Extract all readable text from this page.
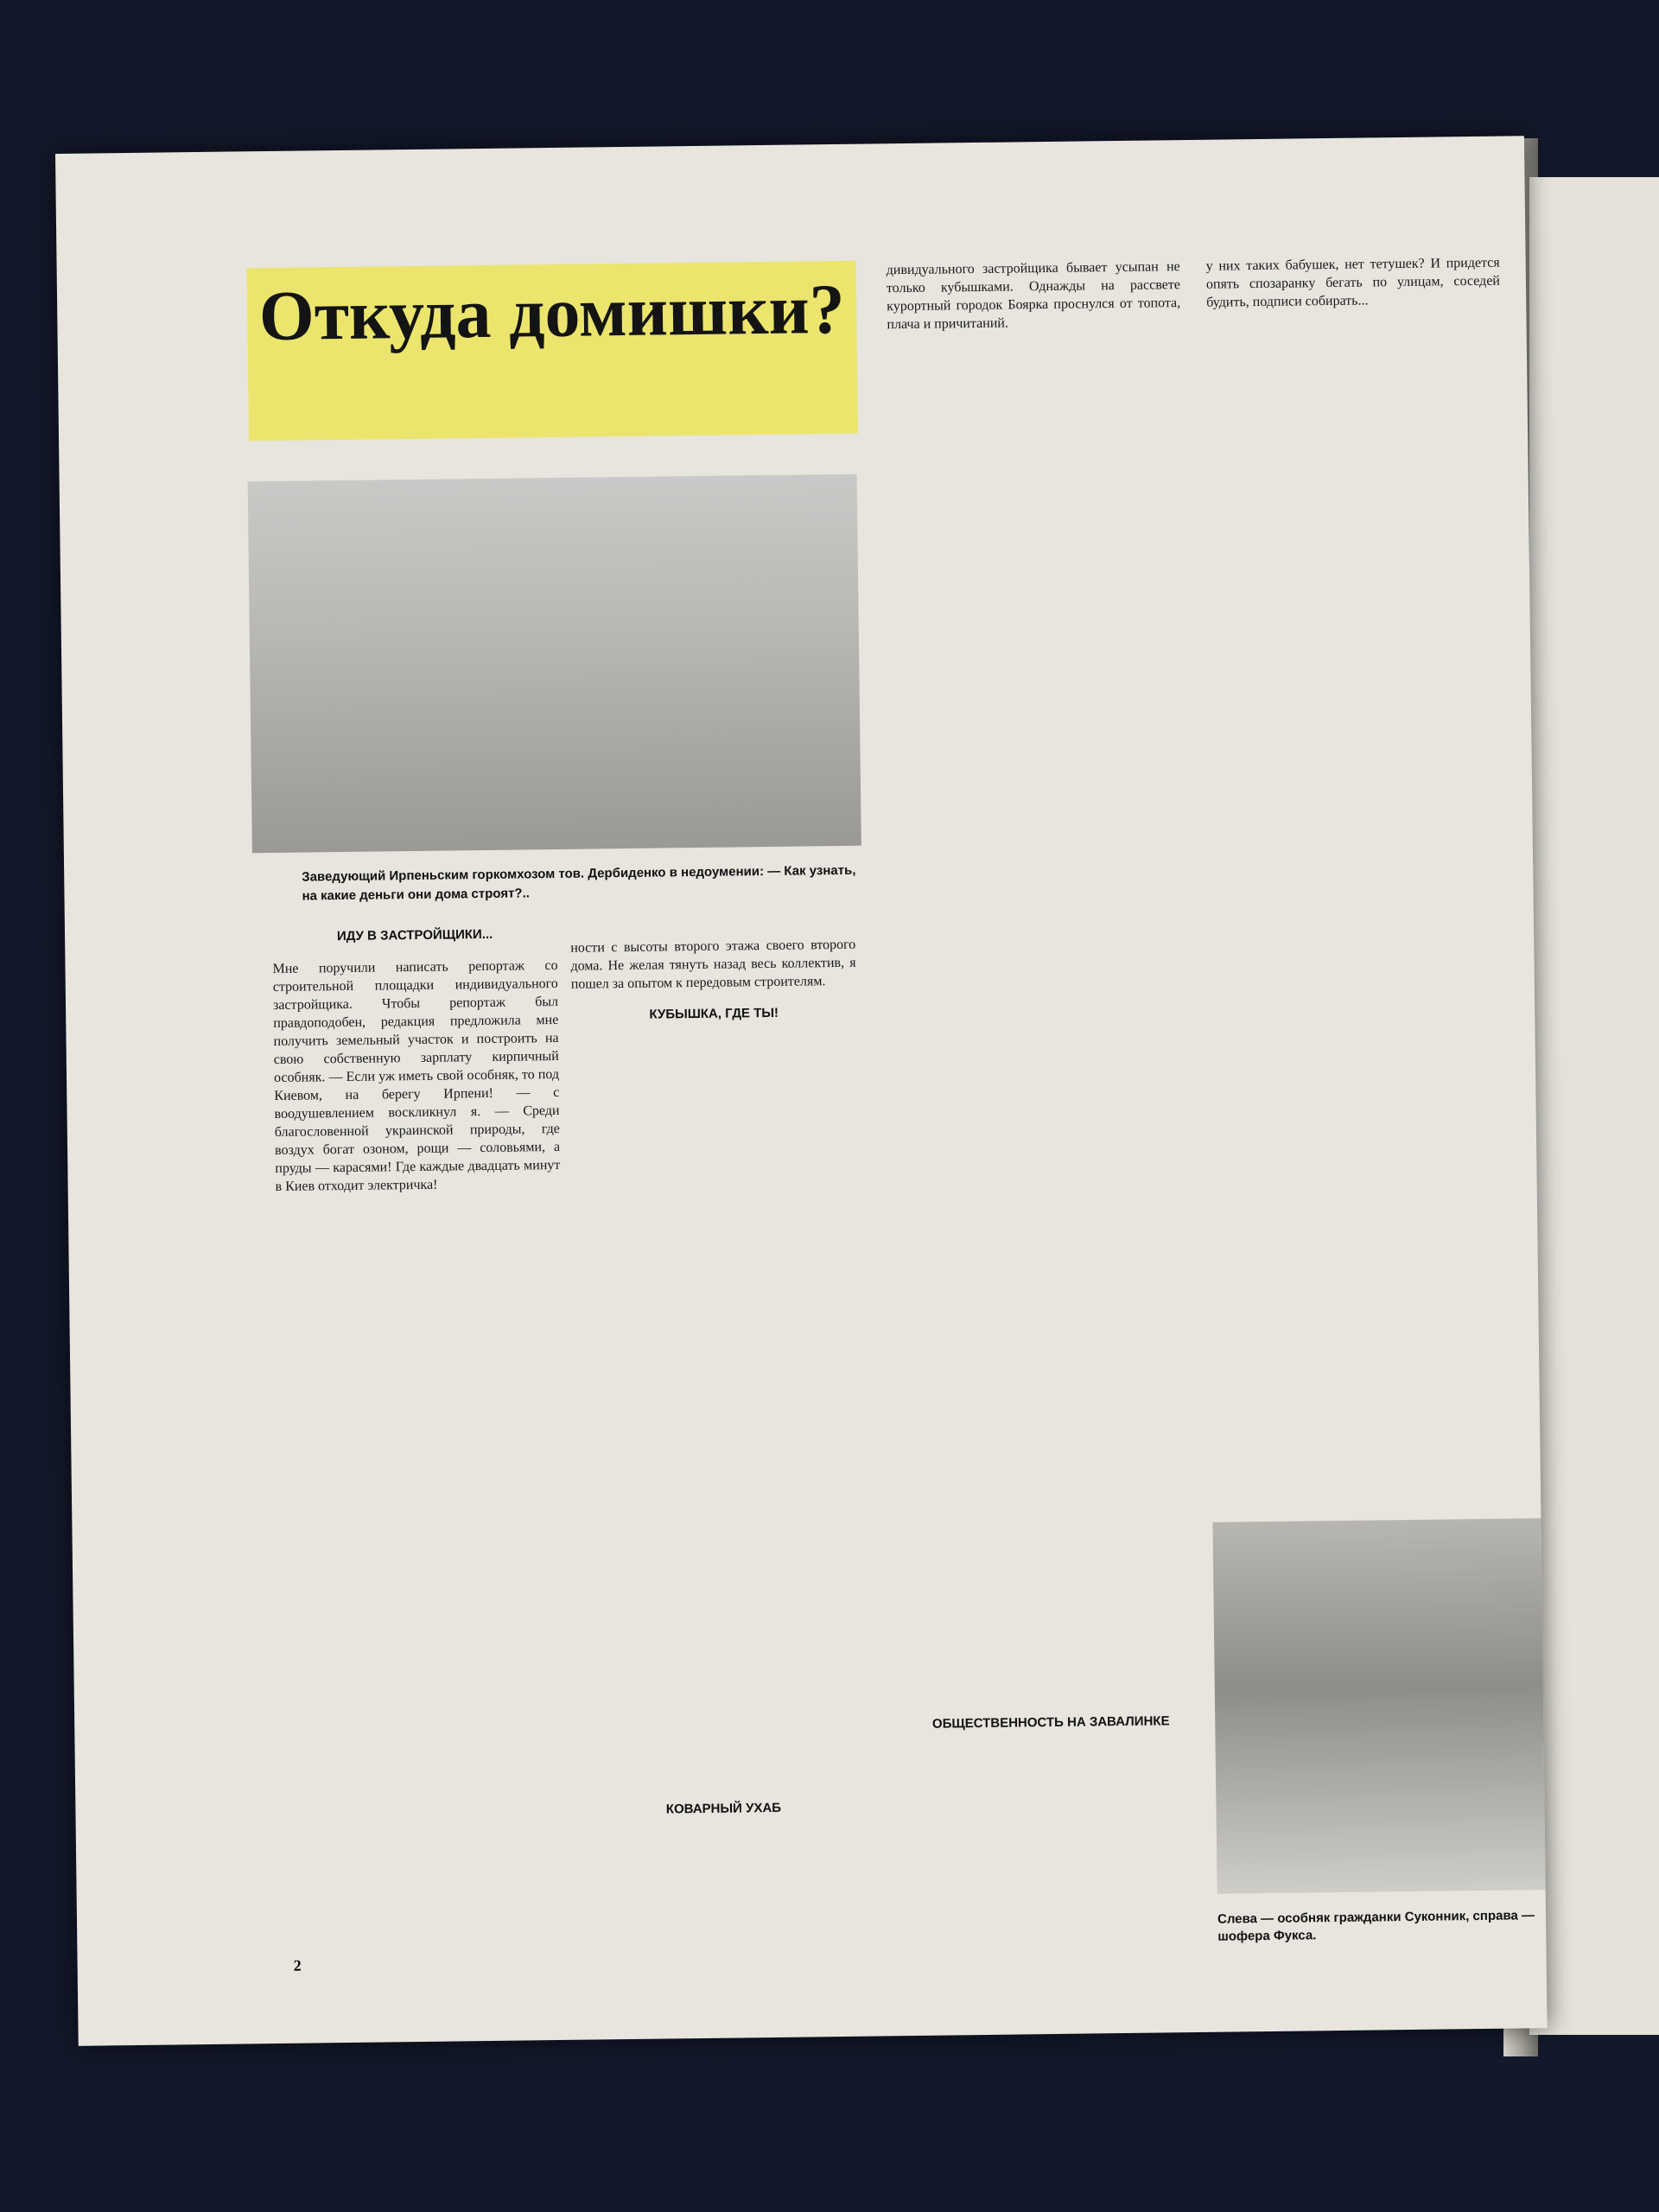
Откуда домишки?
Заведующий Ирпеньским горкомхозом тов. Дербиденко в недоумении: — Как узнать, на какие деньги они дома строят?..
ИДУ В ЗАСТРОЙЩИКИ...

Мне поручили написать репортаж со строительной площадки индивидуального застройщика. Чтобы репортаж был правдоподобен, редакция предложила мне получить земельный участок и построить на свою собственную зарплату кирпичный особняк. — Если уж иметь свой особняк, то под Киевом, на берегу Ирпени! — с воодушевлением воскликнул я. — Среди благословенной украинской природы, где воздух богат озоном, рощи — соловьями, а пруды — карасями! Где каждые двадцать минут в Киев отходит электричка!

ности с высоты второго этажа своего второго дома. Не желая тянуть назад весь коллектив, я пошел за опытом к передовым строителям.

КУБЫШКА, ГДЕ ТЫ!
КОВАРНЫЙ УХАБ

дивидуального застройщика бывает усыпан не только кубышками. Однажды на рассвете курортный городок Боярка проснулся от топота, плача и причитаний.

ОБЩЕСТВЕННОСТЬ НА ЗАВАЛИНКЕ

у них таких бабушек, нет тетушек? И придется опять спозаранку бегать по улицам, соседей будить, подписи собирать...

Слева — особняк гражданки Суконник, справа — шофера Фукса.
2
